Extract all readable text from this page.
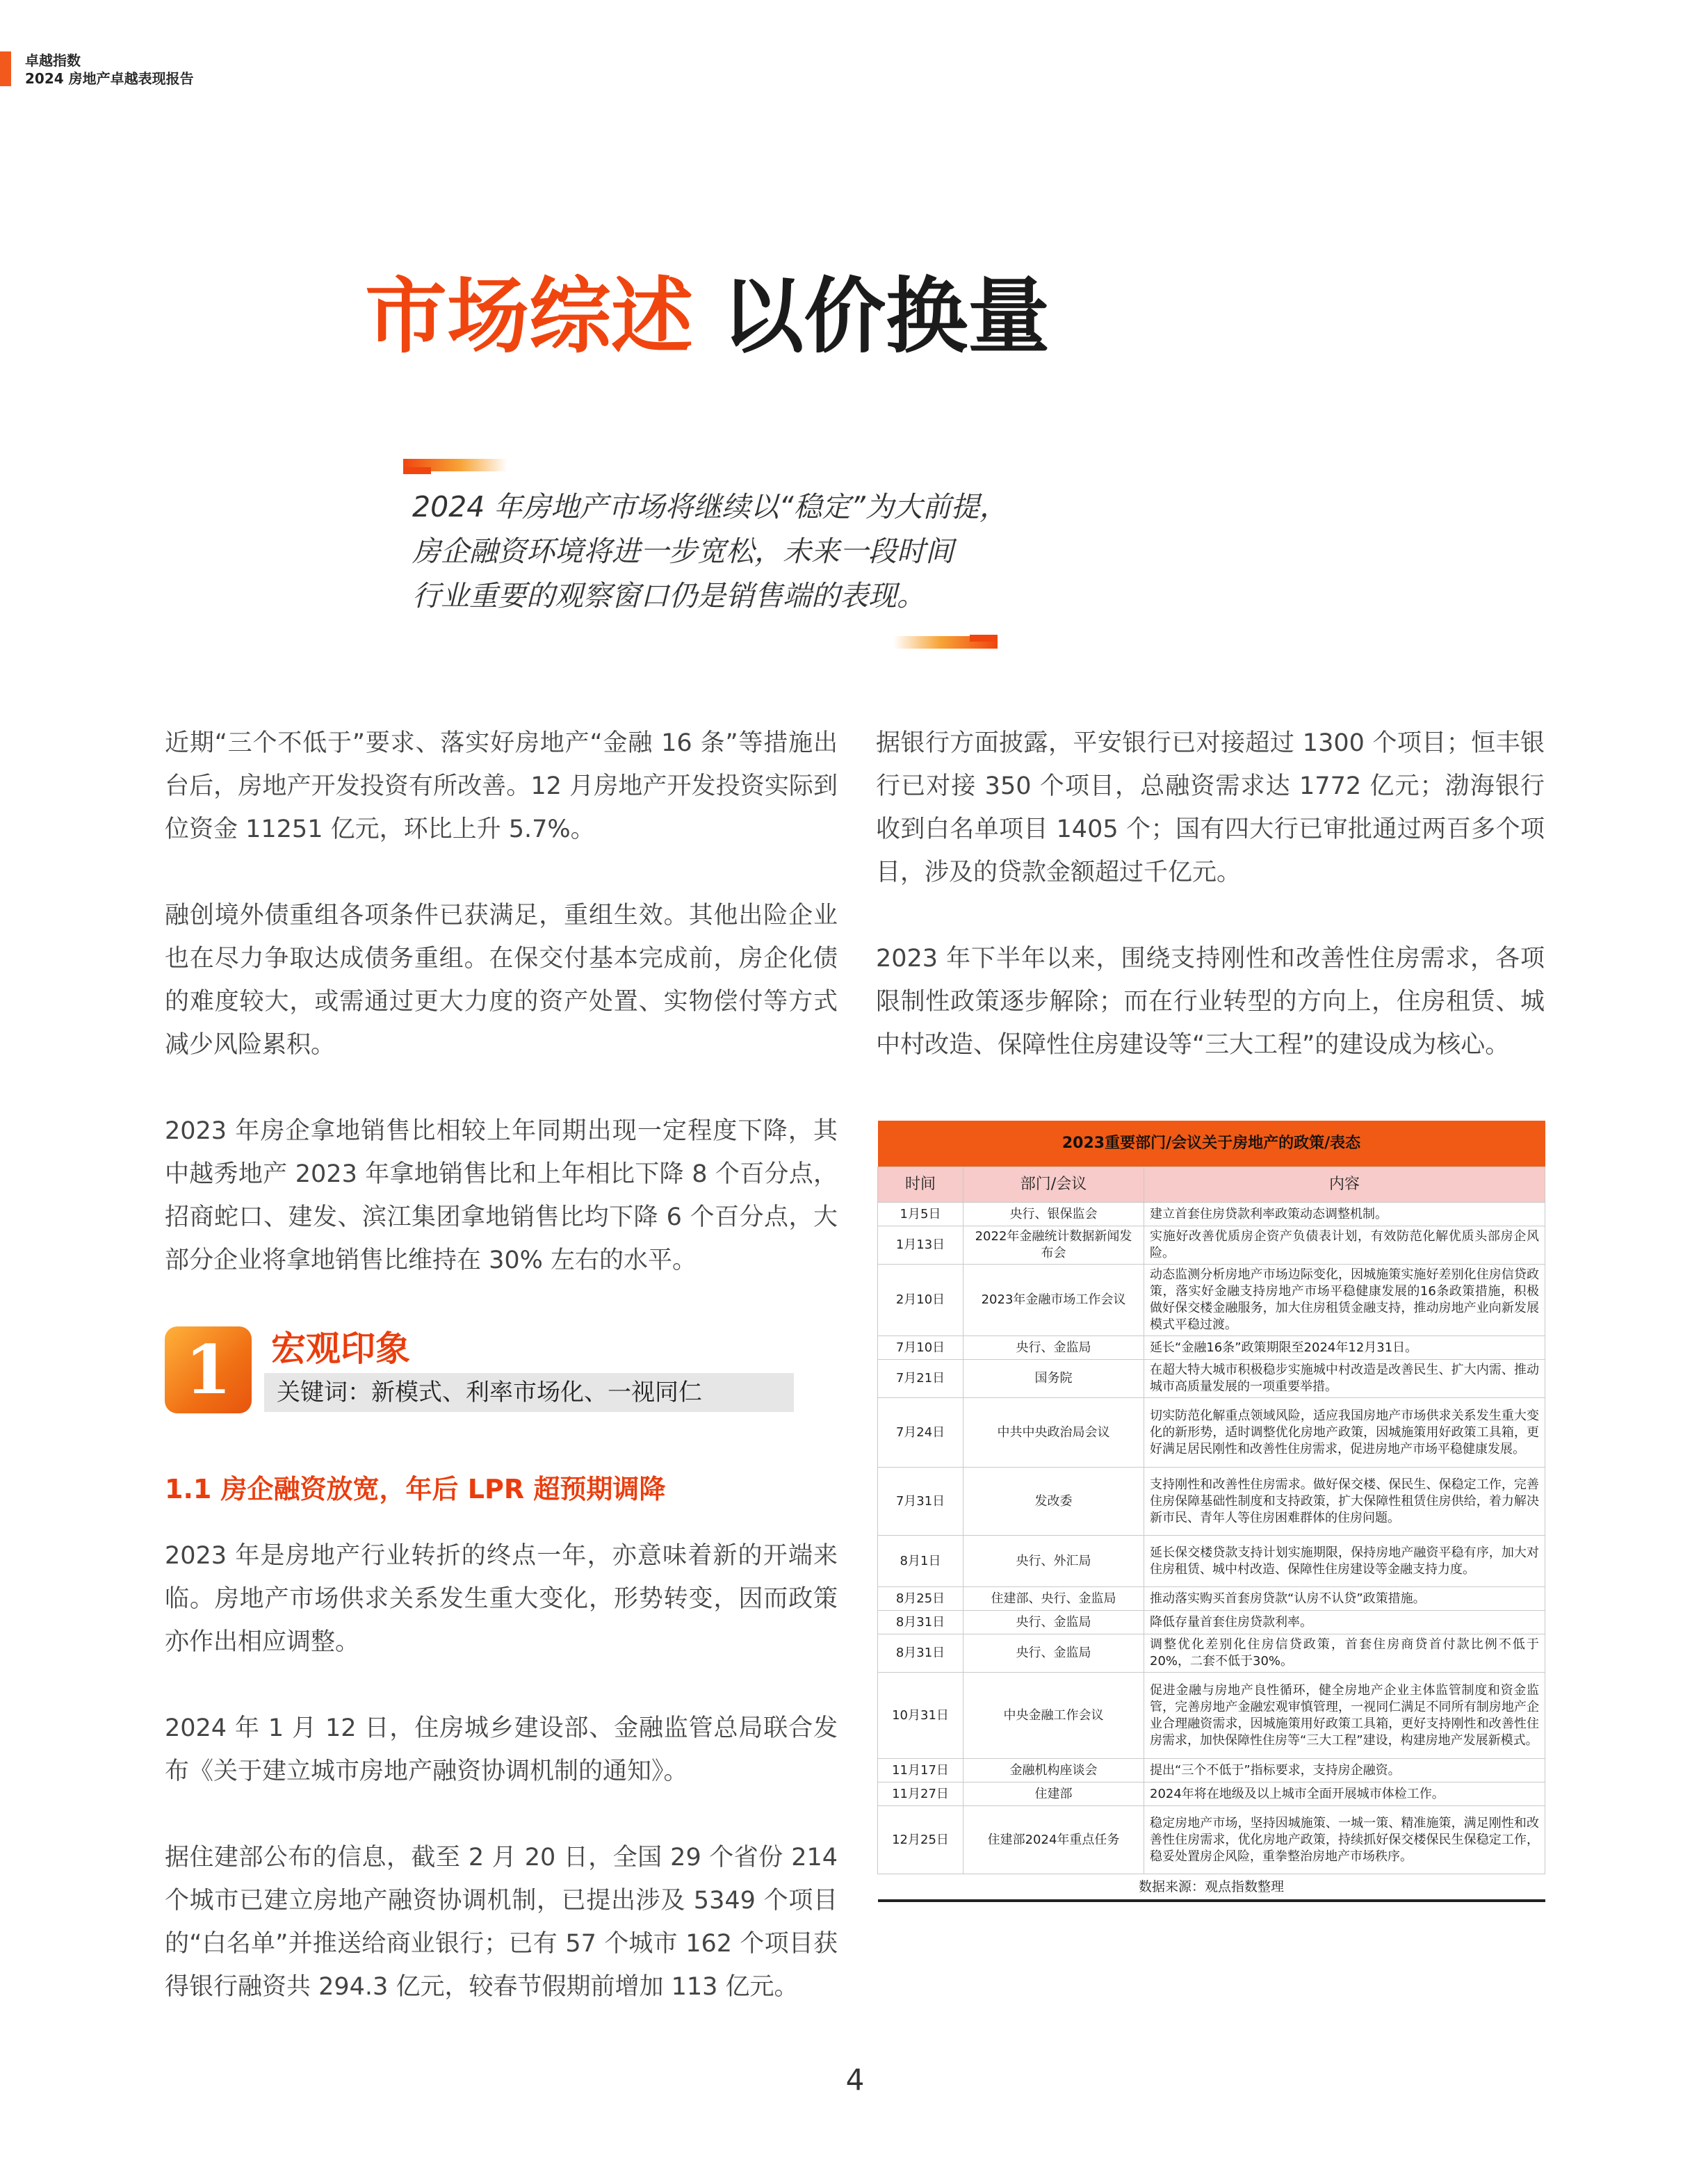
卓越指数
2024 房地产卓越表现报告
市场综述 以价换量
2024 年房地产市场将继续以“稳定”为大前提，
房企融资环境将进一步宽松，未来一段时间
行业重要的观察窗口仍是销售端的表现。

近期“三个不低于”要求、落实好房地产“金融 16 条”等措施出台后，房地产开发投资有所改善。12 月房地产开发投资实际到位资金 11251 亿元，环比上升 5.7%。

融创境外债重组各项条件已获满足，重组生效。其他出险企业也在尽力争取达成债务重组。在保交付基本完成前，房企化债的难度较大，或需通过更大力度的资产处置、实物偿付等方式减少风险累积。

2023 年房企拿地销售比相较上年同期出现一定程度下降，其中越秀地产 2023 年拿地销售比和上年相比下降 8 个百分点，招商蛇口、建发、滨江集团拿地销售比均下降 6 个百分点，大部分企业将拿地销售比维持在 30% 左右的水平。

1	宏观印象
关键词：新模式、利率市场化、一视同仁
1.1 房企融资放宽，年后 LPR 超预期调降

2023 年是房地产行业转折的终点一年，亦意味着新的开端来临。房地产市场供求关系发生重大变化，形势转变，因而政策亦作出相应调整。

2024 年 1 月 12 日，住房城乡建设部、金融监管总局联合发布《关于建立城市房地产融资协调机制的通知》。

据住建部公布的信息，截至 2 月 20 日，全国 29 个省份 214 个城市已建立房地产融资协调机制，已提出涉及 5349 个项目的“白名单”并推送给商业银行；已有 57 个城市 162 个项目获得银行融资共 294.3 亿元，较春节假期前增加 113 亿元。

据银行方面披露，平安银行已对接超过 1300 个项目；恒丰银行已对接 350 个项目，总融资需求达 1772 亿元；渤海银行收到白名单项目 1405 个；国有四大行已审批通过两百多个项目，涉及的贷款金额超过千亿元。

2023 年下半年以来，围绕支持刚性和改善性住房需求，各项限制性政策逐步解除；而在行业转型的方向上，住房租赁、城中村改造、保障性住房建设等“三大工程”的建设成为核心。

2023重要部门/会议关于房地产的政策/表态		
时间	部门/会议	内容
1月5日	央行、银保监会	建立首套住房贷款利率政策动态调整机制。
1月13日	2022年金融统计数据新闻发布会	实施好改善优质房企资产负债表计划，有效防范化解优质头部房企风险。
2月10日	2023年金融市场工作会议	动态监测分析房地产市场边际变化，因城施策实施好差别化住房信贷政策，落实好金融支持房地产市场平稳健康发展的16条政策措施，积极做好保交楼金融服务，加大住房租赁金融支持，推动房地产业向新发展模式平稳过渡。
7月10日	央行、金监局	延长“金融16条”政策期限至2024年12月31日。
7月21日	国务院	在超大特大城市积极稳步实施城中村改造是改善民生、扩大内需、推动城市高质量发展的一项重要举措。
7月24日	中共中央政治局会议	切实防范化解重点领域风险，适应我国房地产市场供求关系发生重大变化的新形势，适时调整优化房地产政策，因城施策用好政策工具箱，更好满足居民刚性和改善性住房需求，促进房地产市场平稳健康发展。
7月31日	发改委	支持刚性和改善性住房需求。做好保交楼、保民生、保稳定工作，完善住房保障基础性制度和支持政策，扩大保障性租赁住房供给，着力解决新市民、青年人等住房困难群体的住房问题。
8月1日	央行、外汇局	延长保交楼贷款支持计划实施期限，保持房地产融资平稳有序，加大对住房租赁、城中村改造、保障性住房建设等金融支持力度。
8月25日	住建部、央行、金监局	推动落实购买首套房贷款“认房不认贷”政策措施。
8月31日	央行、金监局	降低存量首套住房贷款利率。
8月31日	央行、金监局	调整优化差别化住房信贷政策，首套住房商贷首付款比例不低于20%，二套不低于30%。
10月31日	中央金融工作会议	促进金融与房地产良性循环，健全房地产企业主体监管制度和资金监管，完善房地产金融宏观审慎管理，一视同仁满足不同所有制房地产企业合理融资需求，因城施策用好政策工具箱，更好支持刚性和改善性住房需求，加快保障性住房等“三大工程”建设，构建房地产发展新模式。
11月17日	金融机构座谈会	提出“三个不低于”指标要求，支持房企融资。
11月27日	住建部	2024年将在地级及以上城市全面开展城市体检工作。
12月25日	住建部2024年重点任务	稳定房地产市场，坚持因城施策、一城一策、精准施策，满足刚性和改善性住房需求，优化房地产政策，持续抓好保交楼保民生保稳定工作，稳妥处置房企风险，重拳整治房地产市场秩序。
数据来源：观点指数整理		
4
